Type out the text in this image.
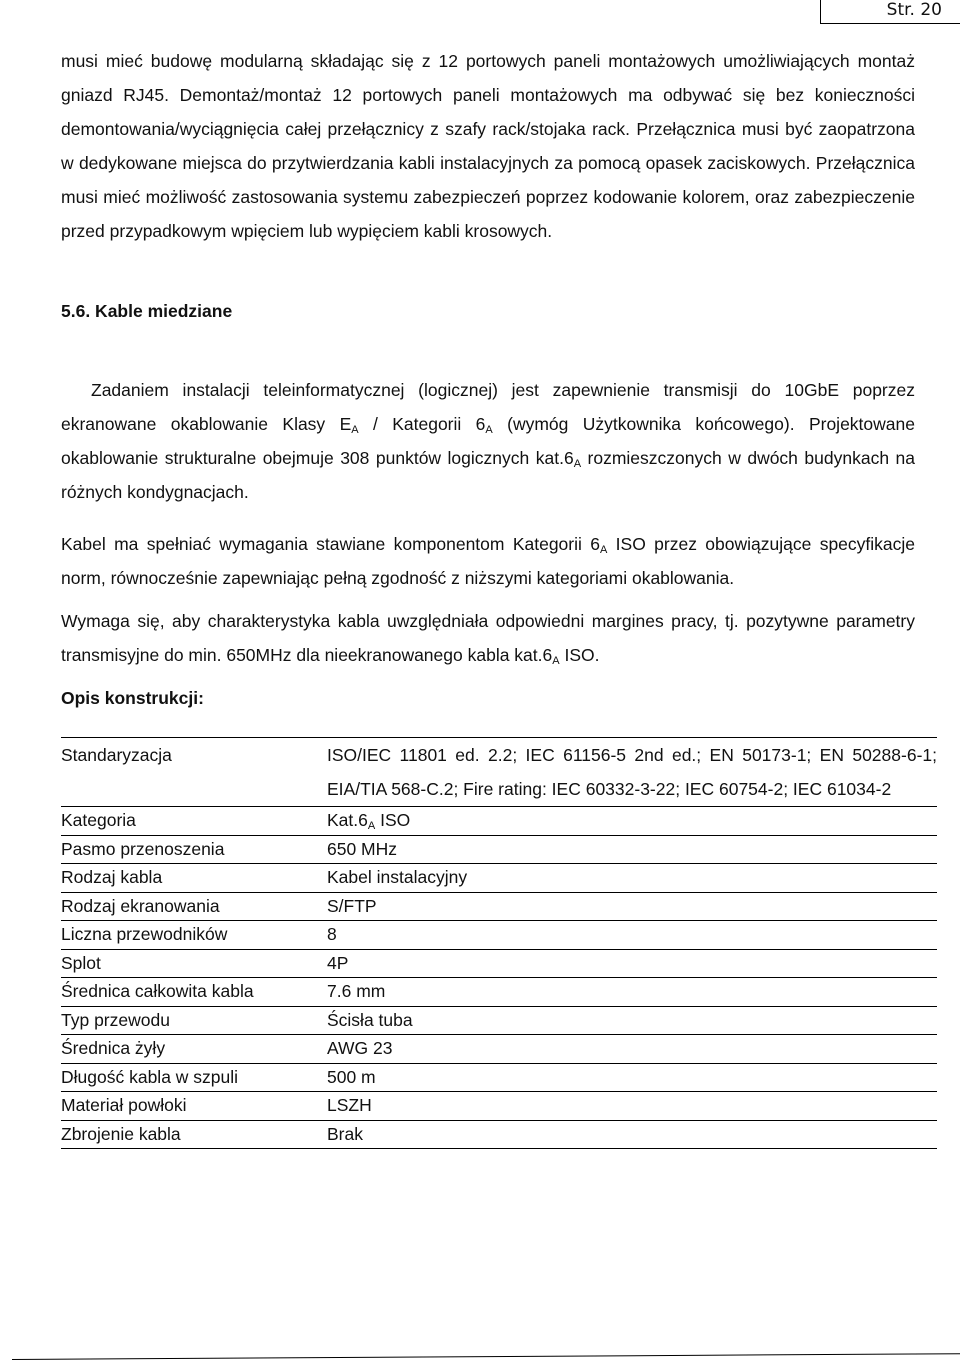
Str. 20

musi mieć budowę modularną składając się z 12 portowych paneli montażowych umożliwiających montaż gniazd RJ45. Demontaż/montaż 12 portowych paneli montażowych ma odbywać się bez konieczności demontowania/wyciągnięcia całej przełącznicy z szafy rack/stojaka rack. Przełącznica musi być zaopatrzona w dedykowane miejsca do przytwierdzania kabli instalacyjnych za pomocą opasek zaciskowych. Przełącznica musi mieć możliwość zastosowania systemu zabezpieczeń poprzez kodowanie kolorem, oraz zabezpieczenie przed przypadkowym wpięciem lub wypięciem kabli krosowych.

5.6. Kable miedziane

Zadaniem instalacji teleinformatycznej (logicznej) jest zapewnienie transmisji do 10GbE poprzez ekranowane okablowanie Klasy $E_A$ / Kategorii $6_A$ (wymóg Użytkownika końcowego). Projektowane okablowanie strukturalne obejmuje 308 punktów logicznych $kat.6_A$ rozmieszczonych w dwóch budynkach na różnych kondygnacjach.

Kabel ma spełniać wymagania stawiane komponentom Kategorii $6_A$ ISO przez obowiązujące specyfikacje norm, równocześnie zapewniając pełną zgodność z niższymi kategoriami okablowania.

Wymaga się, aby charakterystyka kabla uwzględniała odpowiedni margines pracy, tj. pozytywne parametry transmisyjne do min. 650MHz dla nieekranowanego kabla $kat.6_A$ ISO.

Opis konstrukcji:

Standaryzacja	ISO/IEC 11801 ed. 2.2; IEC 61156-5 2nd ed.; EN 50173-1; EN 50288-6-1; EIA/TIA 568-C.2; Fire rating: IEC 60332-3-22; IEC 60754-2; IEC 61034-2
Kategoria	$Kat.6_A$ ISO
Pasmo przenoszenia	650 MHz
Rodzaj kabla	Kabel instalacyjny
Rodzaj ekranowania	S/FTP
Liczna przewodników	8
Splot	4P
Średnica całkowita kabla	7.6 mm
Typ przewodu	Ścisła tuba
Średnica żyły	AWG 23
Długość kabla w szpuli	500 m
Materiał powłoki	LSZH
Zbrojenie kabla	Brak
